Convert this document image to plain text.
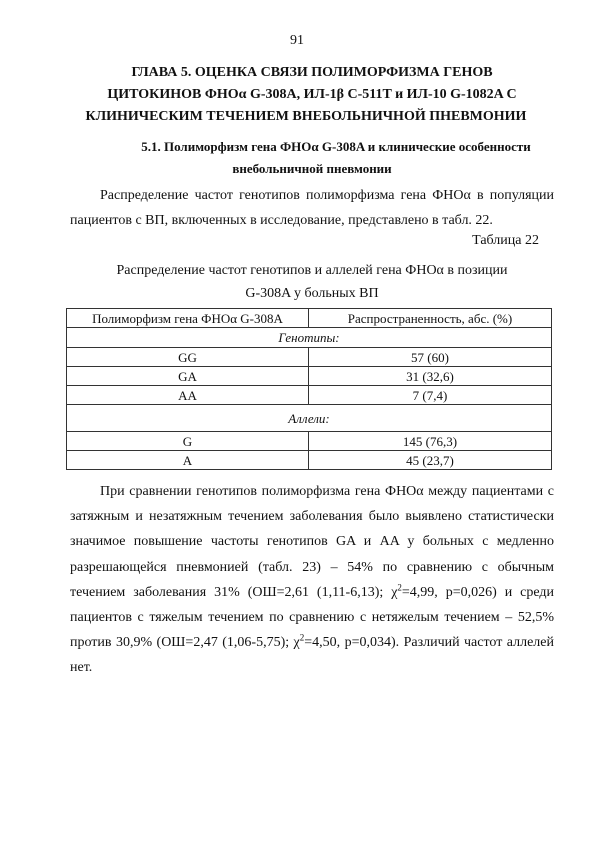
91
ГЛАВА 5. ОЦЕНКА СВЯЗИ ПОЛИМОРФИЗМА ГЕНОВ
ЦИТОКИНОВ ФНОα G-308A, ИЛ-1β C-511T и ИЛ-10 G-1082A С
КЛИНИЧЕСКИМ ТЕЧЕНИЕМ ВНЕБОЛЬНИЧНОЙ ПНЕВМОНИИ
5.1. Полиморфизм гена ФНОα G-308A и клинические особенности
внебольничной пневмонии
Распределение частот генотипов полиморфизма гена ФНОα в популяции пациентов с ВП, включенных в исследование, представлено в табл. 22.
Таблица 22
Распределение частот генотипов и аллелей гена ФНОα в позиции
G-308A у больных ВП
Полиморфизм гена ФНОα G-308А	Распространенность, абс. (%)
Генотипы:	
GG	57 (60)
GA	31 (32,6)
AA	7 (7,4)
Аллели:	
G	145 (76,3)
A	45 (23,7)
При сравнении генотипов полиморфизма гена ФНОα между пациентами с затяжным и незатяжным течением заболевания было выявлено статистически значимое повышение частоты генотипов GA и AA у больных с медленно разрешающейся пневмонией (табл. 23) – 54% по сравнению с обычным течением заболевания 31% (ОШ=2,61 (1,11-6,13); $\chi^2=4,99$, p=0,026) и среди пациентов с тяжелым течением по сравнению с нетяжелым течением – 52,5% против 30,9% (ОШ=2,47 (1,06-5,75); $\chi^2=4,50$, p=0,034). Различий частот аллелей нет.
